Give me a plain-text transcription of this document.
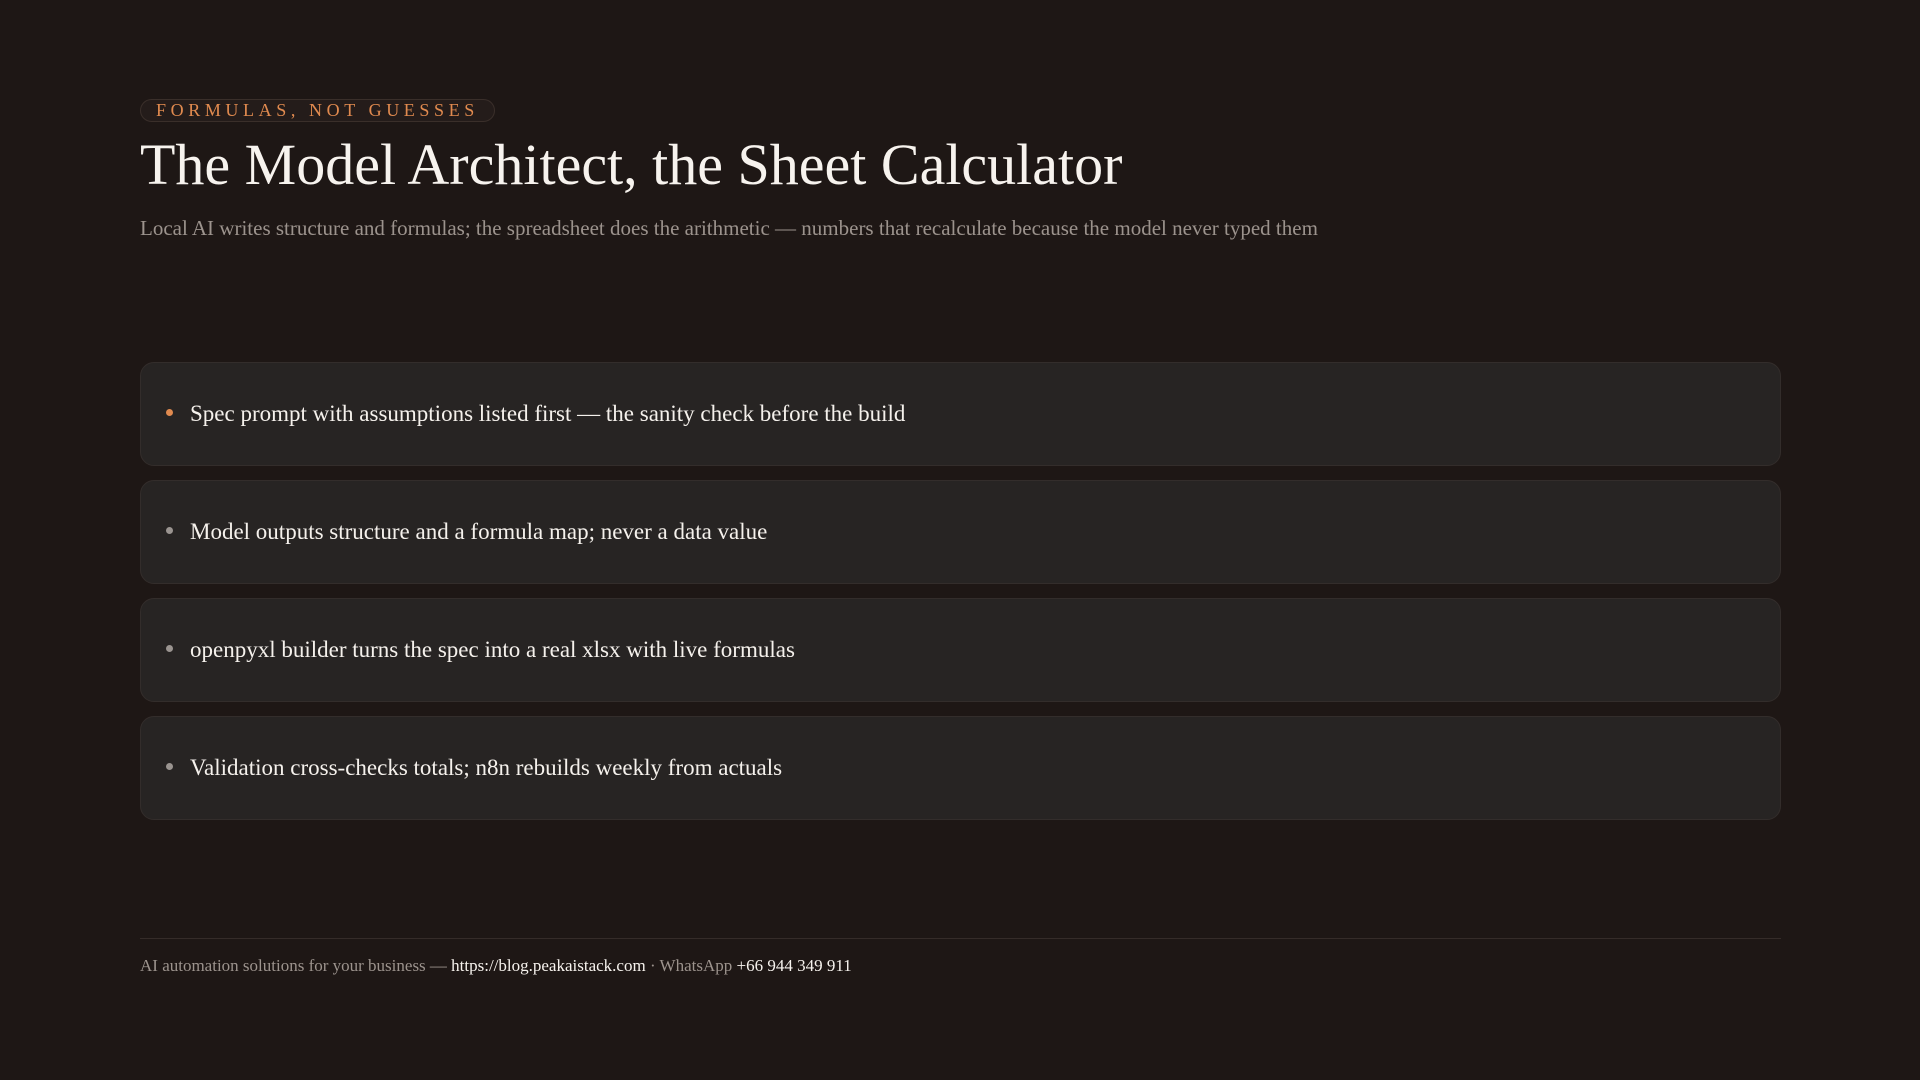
FORMULAS, NOT GUESSES
The Model Architect, the Sheet Calculator

Local AI writes structure and formulas; the spreadsheet does the arithmetic — numbers that recalculate because the model never typed them

Spec prompt with assumptions listed first — the sanity check before the build
Model outputs structure and a formula map; never a data value
openpyxl builder turns the spec into a real xlsx with live formulas
Validation cross-checks totals; n8n rebuilds weekly from actuals
AI automation solutions for your business — https://blog.peakaistack.com · WhatsApp +66 944 349 911
